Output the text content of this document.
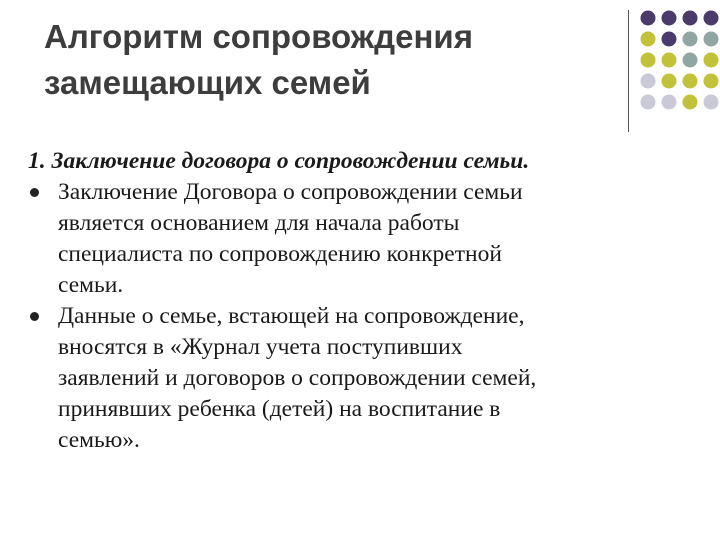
Алгоритм сопровождения
замещающих семей

1. Заключение договора о сопровождении семьи.

Заключение Договора о сопровождении семьи
является основанием для начала работы
специалиста по сопровождению конкретной
семьи.
Данные о семье, встающей на сопровождение,
вносятся в «Журнал учета поступивших
заявлений и договоров о сопровождении семей,
принявших ребенка (детей) на воспитание в
семью».
